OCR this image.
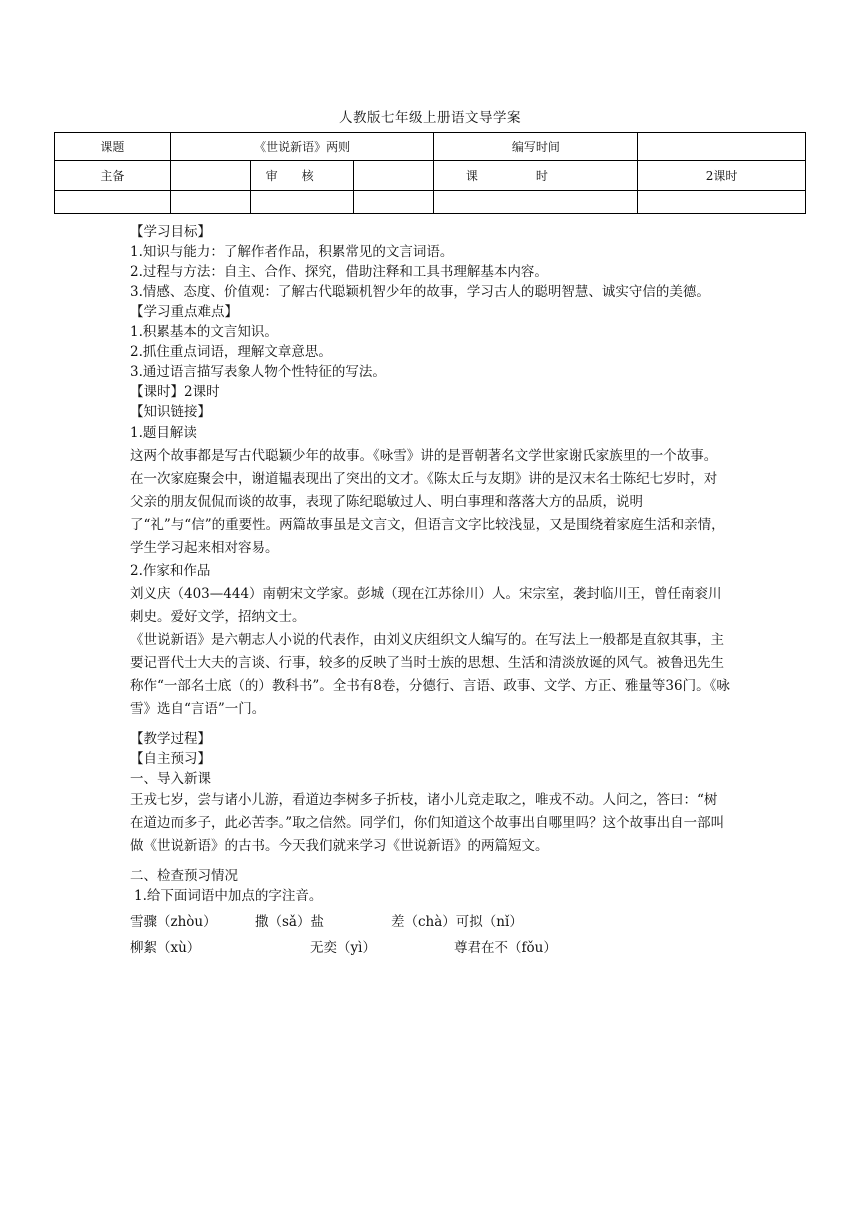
人教版七年级上册语文导学案
课题	《世说新语》两则			编写时间	
主备		审核		课时	2课时

【学习目标】

1.知识与能力：了解作者作品，积累常见的文言词语。

2.过程与方法：自主、合作、探究，借助注释和工具书理解基本内容。

3.情感、态度、价值观：了解古代聪颖机智少年的故事，学习古人的聪明智慧、诚实守信的美德。

【学习重点难点】

1.积累基本的文言知识。

2.抓住重点词语，理解文章意思。

3.通过语言描写表象人物个性特征的写法。

【课时】2课时

【知识链接】

1.题目解读

这两个故事都是写古代聪颖少年的故事。《咏雪》讲的是晋朝著名文学世家谢氏家族里的一个故事。在一次家庭聚会中，谢道韫表现出了突出的文才。《陈太丘与友期》讲的是汉末名士陈纪七岁时，对父亲的朋友侃侃而谈的故事，表现了陈纪聪敏过人、明白事理和落落大方的品质，说明了“礼”与“信”的重要性。两篇故事虽是文言文，但语言文字比较浅显，又是围绕着家庭生活和亲情，学生学习起来相对容易。

2.作家和作品

刘义庆（403—444）南朝宋文学家。彭城（现在江苏徐川）人。宋宗室，袭封临川王，曾任南衮川刺史。爱好文学，招纳文士。

《世说新语》是六朝志人小说的代表作，由刘义庆组织文人编写的。在写法上一般都是直叙其事，主要记晋代士大夫的言谈、行事，较多的反映了当时士族的思想、生活和清淡放诞的风气。被鲁迅先生称作“一部名士底（的）教科书”。全书有8卷，分德行、言语、政事、文学、方正、雅量等36门。《咏雪》选自“言语”一门。

【教学过程】

【自主预习】

一、导入新课

王戎七岁，尝与诸小儿游，看道边李树多子折枝，诸小儿竞走取之，唯戎不动。人问之，答曰：“树在道边而多子，此必苦李。”取之信然。同学们，你们知道这个故事出自哪里吗？这个故事出自一部叫做《世说新语》的古书。今天我们就来学习《世说新语》的两篇短文。

二、检查预习情况

1.给下面词语中加点的字注音。

雪骤（zhòu）	撒（sǎ）盐	差（chà）可拟（nǐ）
柳絮（xù）	无奕（yì）	尊君在不（fǒu）
